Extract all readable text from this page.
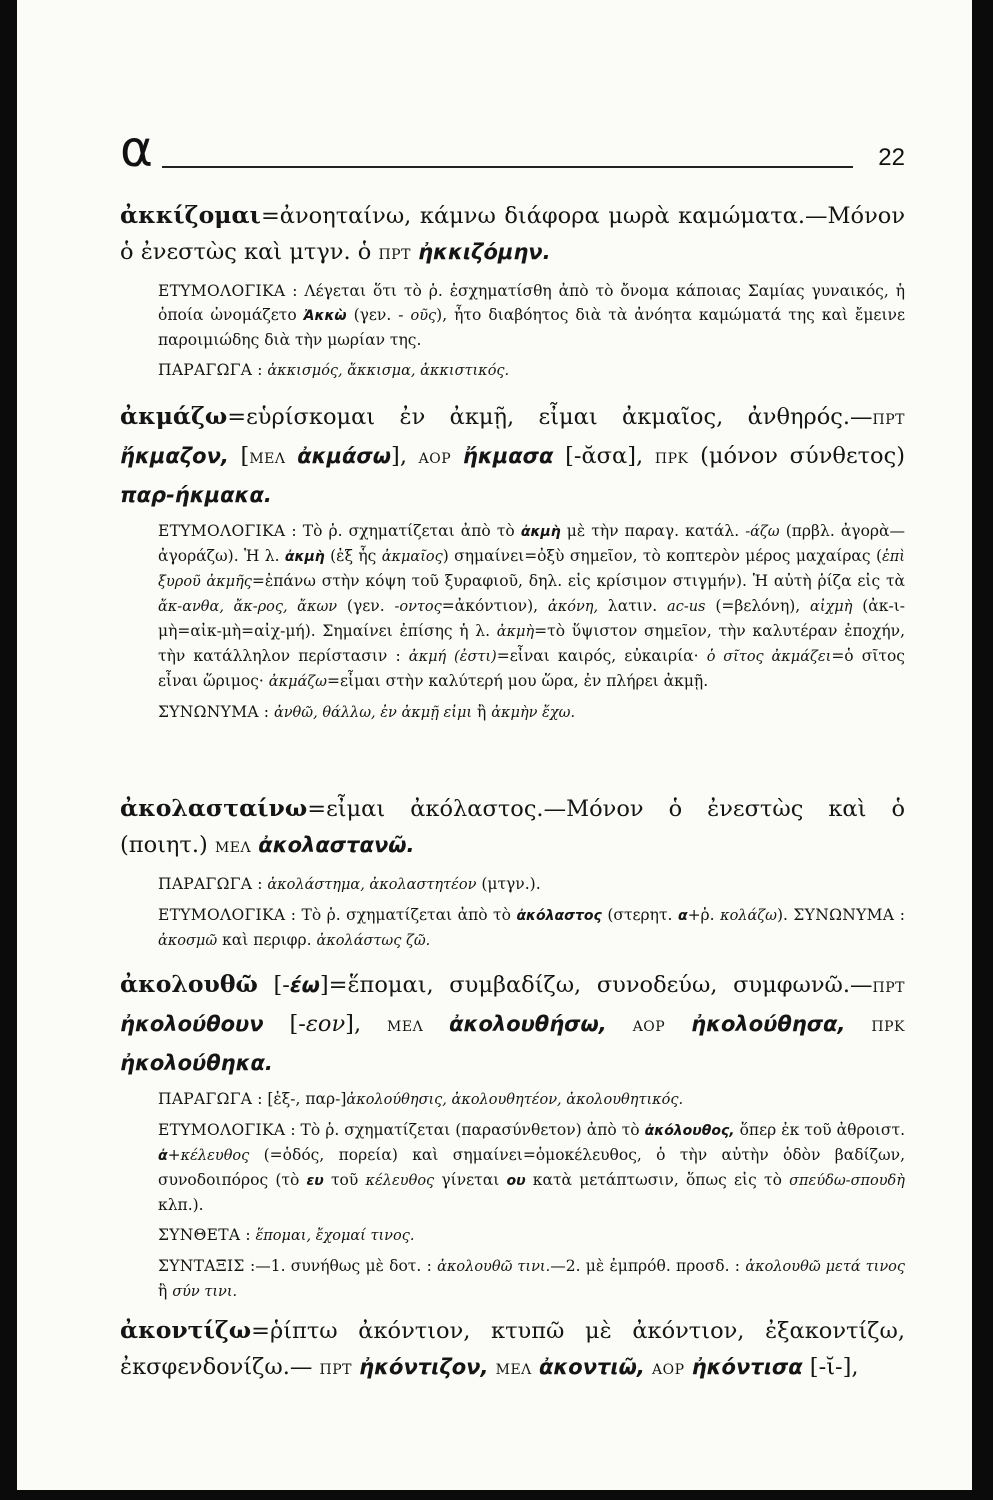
α	22
ἀκκίζομαι=ἀνοηταίνω, κάμνω διάφορα μωρὰ καμώματα.—Μόνον ὁ ἐνεστὼς καὶ μτγν. ὁ ΠΡΤ ἠκκιζόμην.
ΕΤΥΜΟΛΟΓΙΚΑ : Λέγεται ὅτι τὸ ῥ. ἐσχηματίσθη ἀπὸ τὸ ὄνομα κάποιας Σαμίας γυναικός, ἡ ὁποία ὠνομάζετο Ἀκκὼ (γεν. - οῦς), ἦτο διαβόητος διὰ τὰ ἀνόητα καμώματά της καὶ ἔμεινε παροιμιώδης διὰ τὴν μωρίαν της.
ΠΑΡΑΓΩΓΑ : ἀκκισμός, ἄκκισμα, ἀκκιστικός.
ἀκμάζω=εὑρίσκομαι ἐν ἀκμῇ, εἶμαι ἀκμαῖος, ἀνθηρός.—ΠΡΤ ἤκμαζον, [ΜΕΛ ἀκμάσω], ΑΟΡ ἤκμασα [-ᾰσα], ΠΡΚ (μόνον σύνθετος) παρ-ήκμακα.
ΕΤΥΜΟΛΟΓΙΚΑ : Τὸ ῥ. σχηματίζεται ἀπὸ τὸ ἀκμὴ μὲ τὴν παραγ. κατάλ. -άζω (πρβλ. ἀγορὰ—ἀγοράζω). Ἡ λ. ἀκμὴ (ἐξ ἧς ἀκμαῖος) σημαίνει=ὀξὺ σημεῖον, τὸ κοπτερὸν μέρος μαχαίρας (ἐπὶ ξυροῦ ἀκμῆς=ἐπάνω στὴν κόψη τοῦ ξυραφιοῦ, δηλ. εἰς κρίσιμον στιγμήν). Ἡ αὐτὴ ῥίζα εἰς τὰ ἄκ-ανθα, ἄκ-ρος, ἄκων (γεν. -οντος=ἀκόντιον), ἀκόνη, λατιν. ac-us (=βελόνη), αἰχμὴ (ἀκ-ι-μὴ=αἰκ-μὴ=αἰχ-μή). Σημαίνει ἐπίσης ἡ λ. ἀκμὴ=τὸ ὕψιστον σημεῖον, τὴν καλυτέραν ἐποχήν, τὴν κατάλληλον περίστασιν : ἀκμή (ἐστι)=εἶναι καιρός, εὐκαιρία· ὁ σῖτος ἀκμάζει=ὁ σῖτος εἶναι ὥριμος· ἀκμάζω=εἶμαι στὴν καλύτερή μου ὥρα, ἐν πλήρει ἀκμῇ.
ΣΥΝΩΝΥΜΑ : ἀνθῶ, θάλλω, ἐν ἀκμῇ εἰμι ἢ ἀκμὴν ἔχω.
ἀκολασταίνω=εἶμαι ἀκόλαστος.—Μόνον ὁ ἐνεστὼς καὶ ὁ (ποιητ.) ΜΕΛ ἀκολαστανῶ.
ΠΑΡΑΓΩΓΑ : ἀκολάστημα, ἀκολαστητέον (μτγν.).
ΕΤΥΜΟΛΟΓΙΚΑ : Τὸ ῥ. σχηματίζεται ἀπὸ τὸ ἀκόλαστος (στερητ. α+ῥ. κολάζω). ΣΥΝΩΝΥΜΑ : ἀκοσμῶ καὶ περιφρ. ἀκολάστως ζῶ.
ἀκολουθῶ [-έω]=ἕπομαι, συμβαδίζω, συνοδεύω, συμφωνῶ.—ΠΡΤ ἠκολούθουν [-εον], ΜΕΛ ἀκολουθήσω, ΑΟΡ ἠκολούθησα, ΠΡΚ ἠκολούθηκα.
ΠΑΡΑΓΩΓΑ : [ἐξ-, παρ-]ἀκολούθησις, ἀκολουθητέον, ἀκολουθητικός.
ΕΤΥΜΟΛΟΓΙΚΑ : Τὸ ῥ. σχηματίζεται (παρασύνθετον) ἀπὸ τὸ ἀκόλουθος, ὅπερ ἐκ τοῦ ἀθροιστ. ἀ+κέλευθος (=ὁδός, πορεία) καὶ σημαίνει=ὁμοκέλευθος, ὁ τὴν αὐτὴν ὁδὸν βαδίζων, συνοδοιπόρος (τὸ ευ τοῦ κέλευθος γίνεται ου κατὰ μετάπτωσιν, ὅπως εἰς τὸ σπεύδω-σπουδὴ κλπ.).
ΣΥΝΘΕΤΑ : ἕπομαι, ἔχομαί τινος.
ΣΥΝΤΑΞΙΣ :—1. συνήθως μὲ δοτ. : ἀκολουθῶ τινι.—2. μὲ ἐμπρόθ. προσδ. : ἀκολουθῶ μετά τινος ἢ σύν τινι.
ἀκοντίζω=ῥίπτω ἀκόντιον, κτυπῶ μὲ ἀκόντιον, ἐξακοντίζω, ἐκσφενδονίζω.— ΠΡΤ ἠκόντιζον, ΜΕΛ ἀκοντιῶ, ΑΟΡ ἠκόντισα [-ῐ-],
